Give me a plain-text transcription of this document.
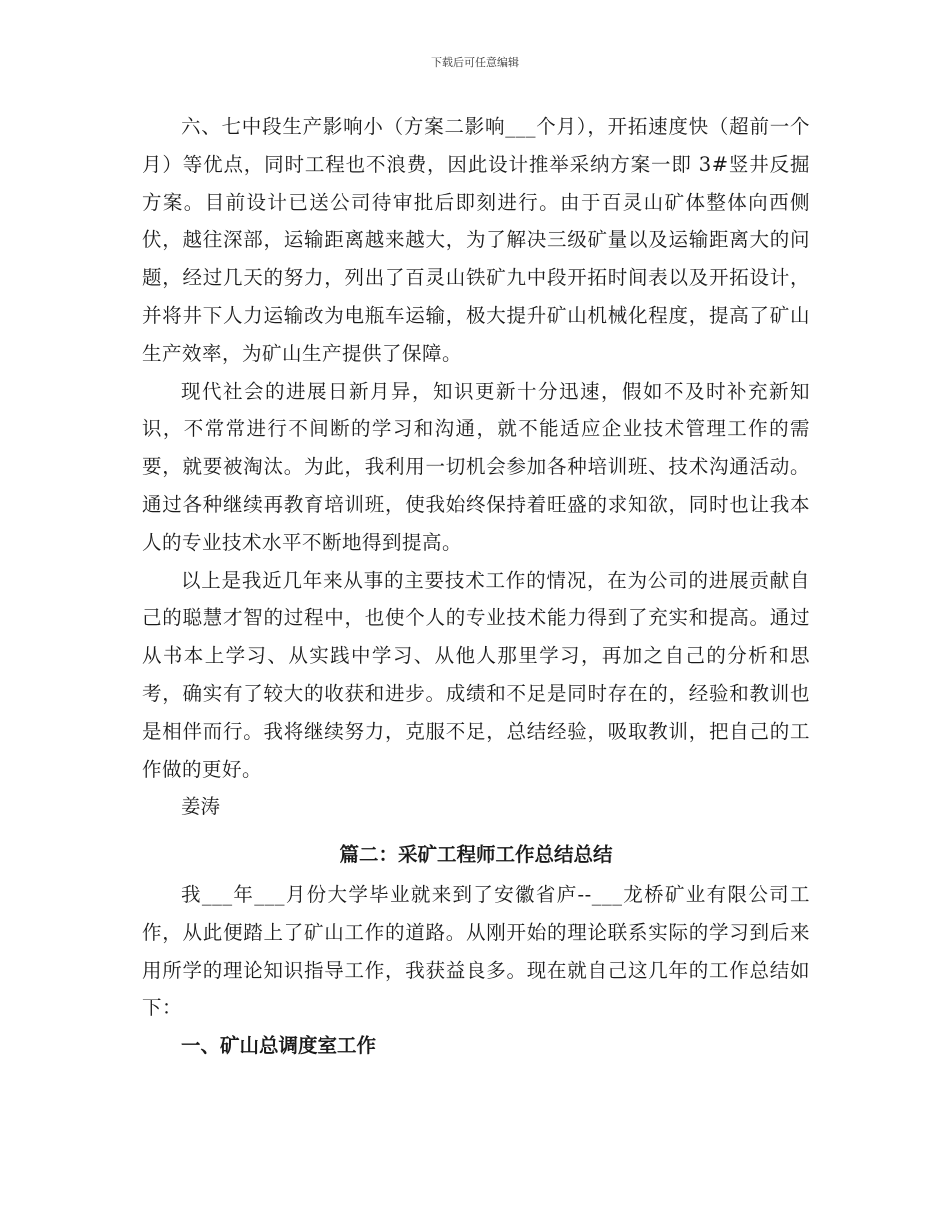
下载后可任意编辑

六、七中段生产影响小（方案二影响___个月），开拓速度快（超前一个月）等优点，同时工程也不浪费，因此设计推举采纳方案一即 3#竖井反掘方案。目前设计已送公司待审批后即刻进行。由于百灵山矿体整体向西侧伏，越往深部，运输距离越来越大，为了解决三级矿量以及运输距离大的问题，经过几天的努力，列出了百灵山铁矿九中段开拓时间表以及开拓设计，并将井下人力运输改为电瓶车运输，极大提升矿山机械化程度，提高了矿山生产效率，为矿山生产提供了保障。

现代社会的进展日新月异，知识更新十分迅速，假如不及时补充新知识，不常常进行不间断的学习和沟通，就不能适应企业技术管理工作的需要，就要被淘汰。为此，我利用一切机会参加各种培训班、技术沟通活动。通过各种继续再教育培训班，使我始终保持着旺盛的求知欲，同时也让我本人的专业技术水平不断地得到提高。

以上是我近几年来从事的主要技术工作的情况，在为公司的进展贡献自己的聪慧才智的过程中，也使个人的专业技术能力得到了充实和提高。通过从书本上学习、从实践中学习、从他人那里学习，再加之自己的分析和思考，确实有了较大的收获和进步。成绩和不足是同时存在的，经验和教训也是相伴而行。我将继续努力，克服不足，总结经验，吸取教训，把自己的工作做的更好。

姜涛

篇二：采矿工程师工作总结总结

我___年___月份大学毕业就来到了安徽省庐--___龙桥矿业有限公司工作，从此便踏上了矿山工作的道路。从刚开始的理论联系实际的学习到后来用所学的理论知识指导工作，我获益良多。现在就自己这几年的工作总结如下：

一、矿山总调度室工作
